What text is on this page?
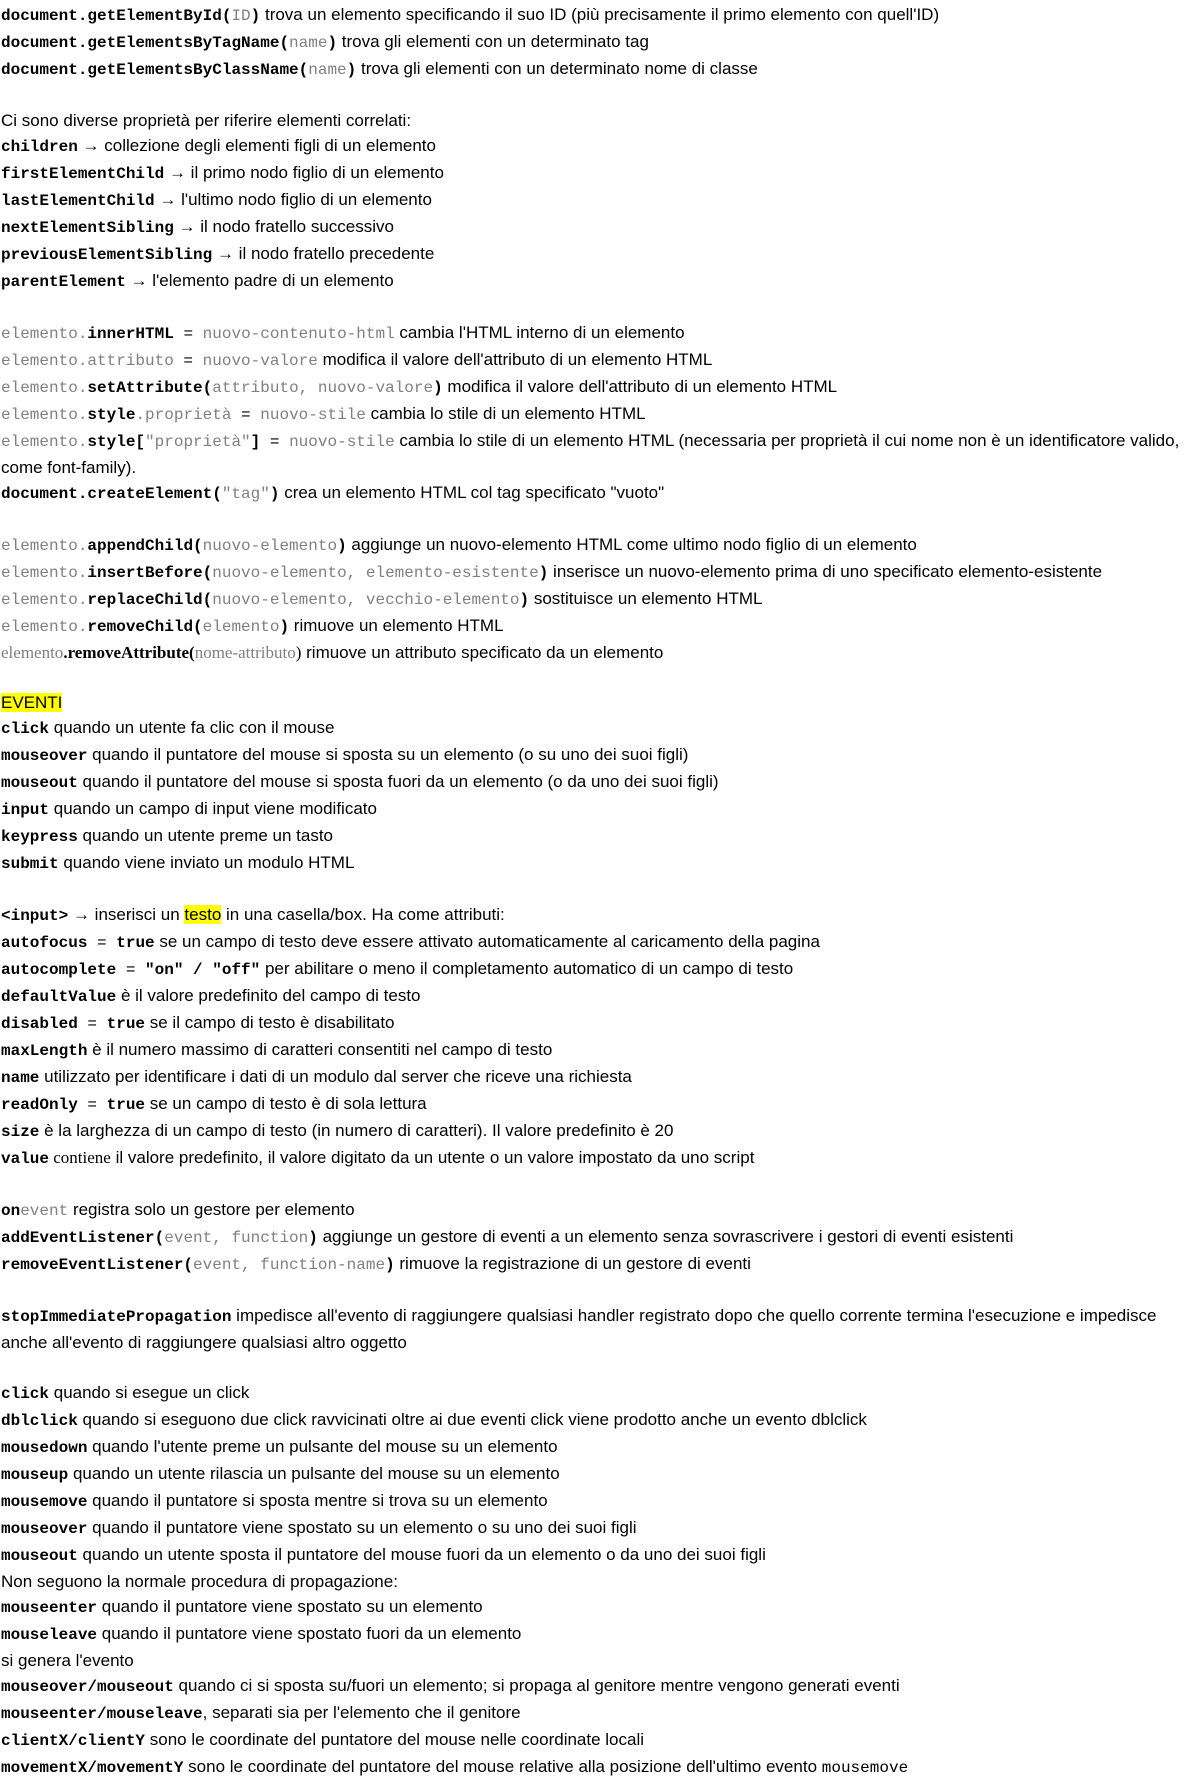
document.getElementById(ID) trova un elemento specificando il suo ID (più precisamente il primo elemento con quell'ID)
document.getElementsByTagName(name) trova gli elementi con un determinato tag
document.getElementsByClassName(name) trova gli elementi con un determinato nome di classe
Ci sono diverse proprietà per riferire elementi correlati:
children → collezione degli elementi figli di un elemento
firstElementChild → il primo nodo figlio di un elemento
lastElementChild → l'ultimo nodo figlio di un elemento
nextElementSibling → il nodo fratello successivo
previousElementSibling → il nodo fratello precedente
parentElement → l'elemento padre di un elemento
elemento.innerHTML = nuovo-contenuto-html cambia l'HTML interno di un elemento
elemento.attributo = nuovo-valore modifica il valore dell'attributo di un elemento HTML
elemento.setAttribute(attributo, nuovo-valore) modifica il valore dell'attributo di un elemento HTML
elemento.style.proprietà = nuovo-stile cambia lo stile di un elemento HTML
elemento.style["proprietà"] = nuovo-stile cambia lo stile di un elemento HTML (necessaria per proprietà il cui nome non è un identificatore valido, come font-family).
document.createElement("tag") crea un elemento HTML col tag specificato "vuoto"
elemento.appendChild(nuovo-elemento) aggiunge un nuovo-elemento HTML come ultimo nodo figlio di un elemento
elemento.insertBefore(nuovo-elemento, elemento-esistente) inserisce un nuovo-elemento prima di uno specificato elemento-esistente
elemento.replaceChild(nuovo-elemento, vecchio-elemento) sostituisce un elemento HTML
elemento.removeChild(elemento) rimuove un elemento HTML
elemento.removeAttribute(nome-attributo) rimuove un attributo specificato da un elemento
EVENTI
click quando un utente fa clic con il mouse
mouseover quando il puntatore del mouse si sposta su un elemento (o su uno dei suoi figli)
mouseout quando il puntatore del mouse si sposta fuori da un elemento (o da uno dei suoi figli)
input quando un campo di input viene modificato
keypress quando un utente preme un tasto
submit quando viene inviato un modulo HTML
<input> → inserisci un testo in una casella/box. Ha come attributi:
autofocus = true se un campo di testo deve essere attivato automaticamente al caricamento della pagina
autocomplete = "on" / "off" per abilitare o meno il completamento automatico di un campo di testo
defaultValue è il valore predefinito del campo di testo
disabled = true se il campo di testo è disabilitato
maxLength è il numero massimo di caratteri consentiti nel campo di testo
name utilizzato per identificare i dati di un modulo dal server che riceve una richiesta
readOnly = true se un campo di testo è di sola lettura
size è la larghezza di un campo di testo (in numero di caratteri). Il valore predefinito è 20
value contiene il valore predefinito, il valore digitato da un utente o un valore impostato da uno script
onevent registra solo un gestore per elemento
addEventListener(event, function) aggiunge un gestore di eventi a un elemento senza sovrascrivere i gestori di eventi esistenti
removeEventListener(event, function-name) rimuove la registrazione di un gestore di eventi
stopImmediatePropagation impedisce all'evento di raggiungere qualsiasi handler registrato dopo che quello corrente termina l'esecuzione e impedisce anche all'evento di raggiungere qualsiasi altro oggetto
click quando si esegue un click
dblclick quando si eseguono due click ravvicinati oltre ai due eventi click viene prodotto anche un evento dblclick
mousedown quando l'utente preme un pulsante del mouse su un elemento
mouseup quando un utente rilascia un pulsante del mouse su un elemento
mousemove quando il puntatore si sposta mentre si trova su un elemento
mouseover quando il puntatore viene spostato su un elemento o su uno dei suoi figli
mouseout quando un utente sposta il puntatore del mouse fuori da un elemento o da uno dei suoi figli
Non seguono la normale procedura di propagazione:
mouseenter quando il puntatore viene spostato su un elemento
mouseleave quando il puntatore viene spostato fuori da un elemento
si genera l'evento
mouseover/mouseout quando ci si sposta su/fuori un elemento; si propaga al genitore mentre vengono generati eventi
mouseenter/mouseleave, separati sia per l'elemento che il genitore
clientX/clientY sono le coordinate del puntatore del mouse nelle coordinate locali
movementX/movementY sono le coordinate del puntatore del mouse relative alla posizione dell'ultimo evento mousemove
